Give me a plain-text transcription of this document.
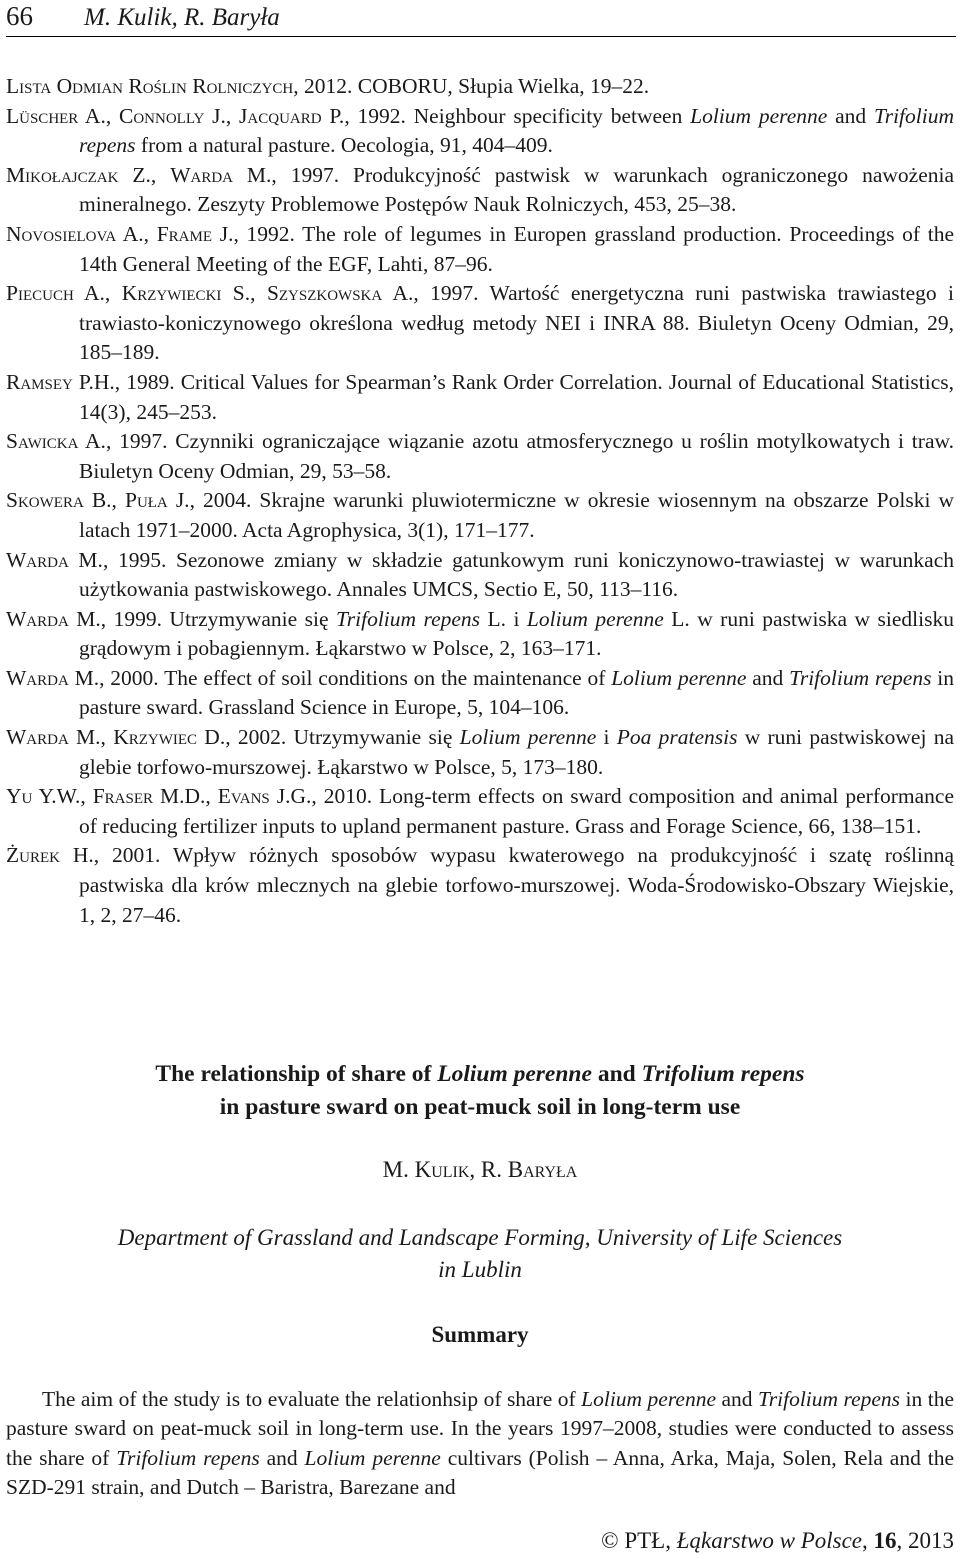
66 M. Kulik, R. Baryła
Lista Odmian Roślin Rolniczych, 2012. COBORU, Słupia Wielka, 19–22.
Lüscher A., Connolly J., Jacquard P., 1992. Neighbour specificity between Lolium perenne and Trifolium repens from a natural pasture. Oecologia, 91, 404–409.
Mikołajczak Z., Warda M., 1997. Produkcyjność pastwisk w warunkach ograniczonego nawożenia mineralnego. Zeszyty Problemowe Postępów Nauk Rolniczych, 453, 25–38.
Novosielova A., Frame J., 1992. The role of legumes in Europen grassland production. Proceedings of the 14th General Meeting of the EGF, Lahti, 87–96.
Piecuch A., Krzywiecki S., Szyszkowska A., 1997. Wartość energetyczna runi pastwiska trawiastego i trawiasto-koniczynowego określona według metody NEI i INRA 88. Biuletyn Oceny Odmian, 29, 185–189.
Ramsey P.H., 1989. Critical Values for Spearman’s Rank Order Correlation. Journal of Educational Statistics, 14(3), 245–253.
Sawicka A., 1997. Czynniki ograniczające wiązanie azotu atmosferycznego u roślin motylkowatych i traw. Biuletyn Oceny Odmian, 29, 53–58.
Skowera B., Puła J., 2004. Skrajne warunki pluwiotermiczne w okresie wiosennym na obszarze Polski w latach 1971–2000. Acta Agrophysica, 3(1), 171–177.
Warda M., 1995. Sezonowe zmiany w składzie gatunkowym runi koniczynowo-trawiastej w warunkach użytkowania pastwiskowego. Annales UMCS, Sectio E, 50, 113–116.
Warda M., 1999. Utrzymywanie się Trifolium repens L. i Lolium perenne L. w runi pastwiska w siedlisku grądowym i pobagiennym. Łąkarstwo w Polsce, 2, 163–171.
Warda M., 2000. The effect of soil conditions on the maintenance of Lolium perenne and Trifolium repens in pasture sward. Grassland Science in Europe, 5, 104–106.
Warda M., Krzywiec D., 2002. Utrzymywanie się Lolium perenne i Poa pratensis w runi pastwiskowej na glebie torfowo-murszowej. Łąkarstwo w Polsce, 5, 173–180.
Yu Y.W., Fraser M.D., Evans J.G., 2010. Long-term effects on sward composition and animal performance of reducing fertilizer inputs to upland permanent pasture. Grass and Forage Science, 66, 138–151.
Żurek H., 2001. Wpływ różnych sposobów wypasu kwaterowego na produkcyjność i szatę roślinną pastwiska dla krów mlecznych na glebie torfowo-murszowej. Woda-Środowisko-Obszary Wiejskie, 1, 2, 27–46.
The relationship of share of Lolium perenne and Trifolium repens
in pasture sward on peat-muck soil in long-term use
M. Kulik, R. Baryła
Department of Grassland and Landscape Forming, University of Life Sciences
in Lublin
Summary
The aim of the study is to evaluate the relationhsip of share of Lolium perenne and Trifolium repens in the pasture sward on peat-muck soil in long-term use. In the years 1997–2008, studies were conducted to assess the share of Trifolium repens and Lolium perenne cultivars (Polish – Anna, Arka, Maja, Solen, Rela and the SZD-291 strain, and Dutch – Baristra, Barezane and
© PTŁ, Łąkarstwo w Polsce, 16, 2013
